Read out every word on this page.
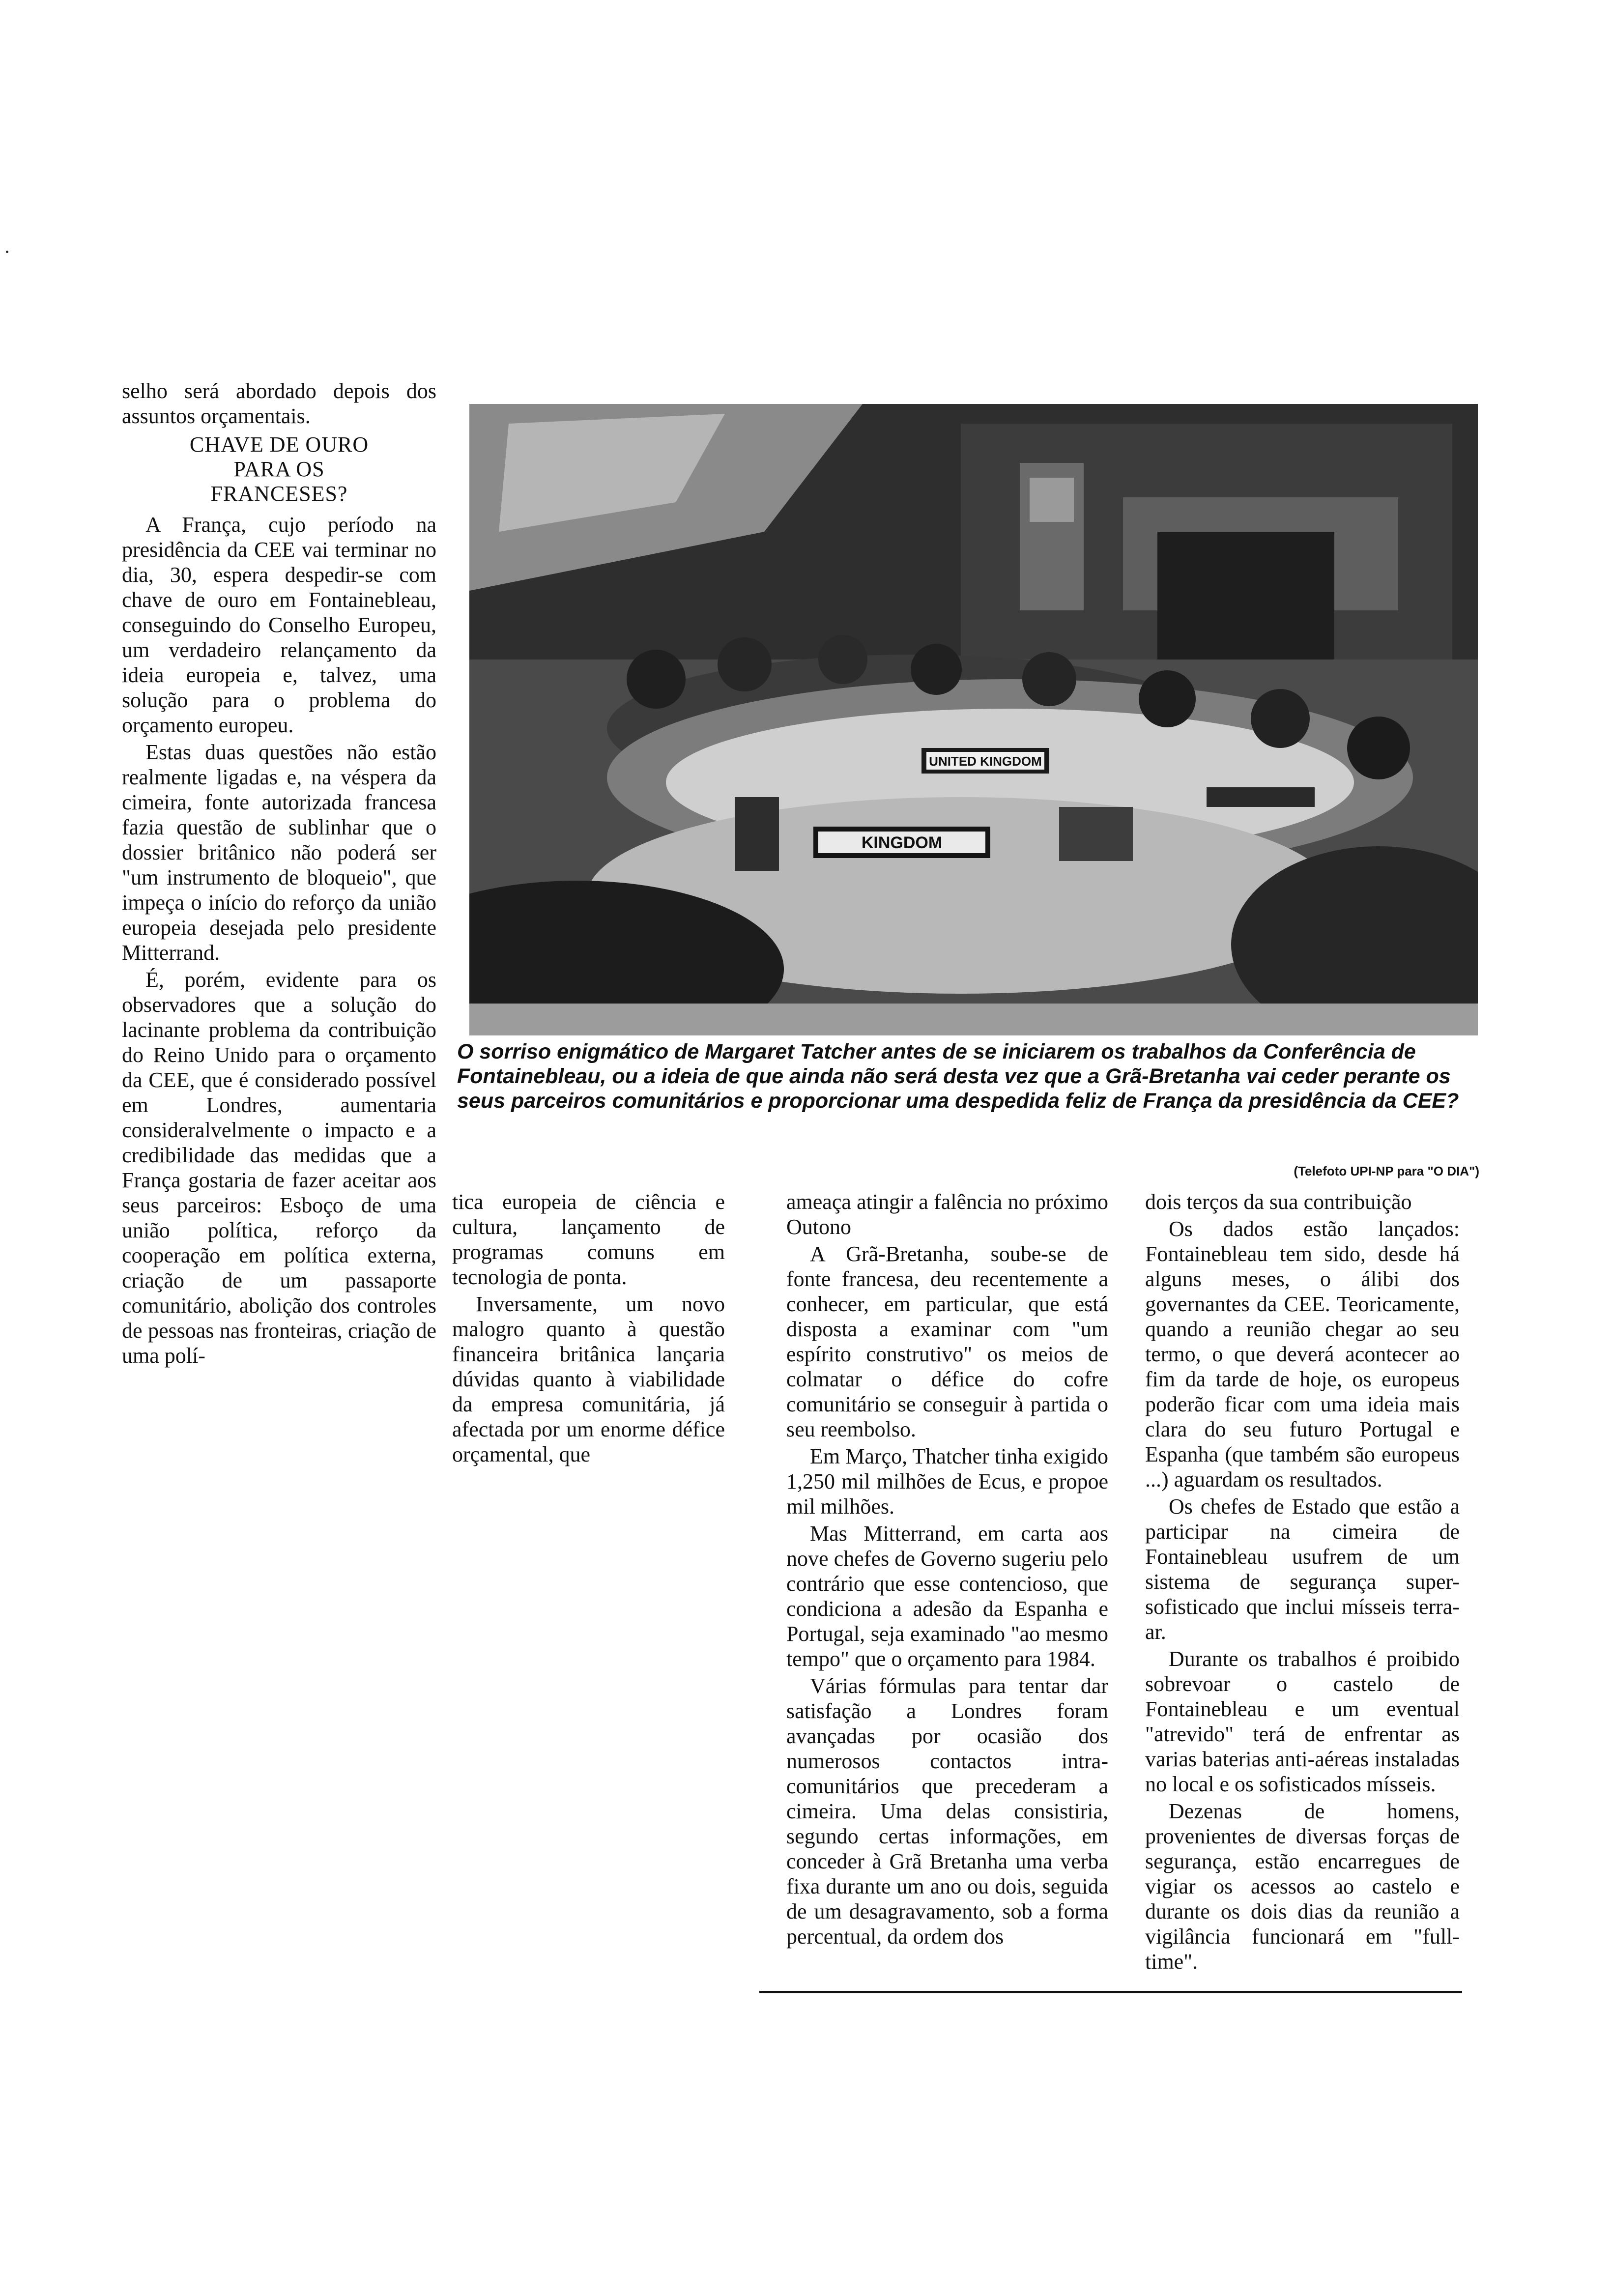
selho será abordado depois dos assuntos orçamentais.

CHAVE DE OURO
PARA OS
FRANCESES?

A França, cujo período na presidência da CEE vai terminar no dia, 30, espera despedir-se com chave de ouro em Fontainebleau, conseguindo do Conselho Europeu, um verdadeiro relançamento da ideia europeia e, talvez, uma solução para o problema do orçamento europeu.

Estas duas questões não estão realmente ligadas e, na véspera da cimeira, fonte autorizada francesa fazia questão de sublinhar que o dossier britânico não poderá ser "um instrumento de bloqueio", que impeça o início do reforço da união europeia desejada pelo presidente Mitterrand.

É, porém, evidente para os observadores que a solução do lacinante problema da contribuição do Reino Unido para o orçamento da CEE, que é considerado possível em Londres, aumentaria consideralvelmente o impacto e a credibilidade das medidas que a França gostaria de fazer aceitar aos seus parceiros: Esboço de uma união política, reforço da cooperação em política externa, criação de um passaporte comunitário, abolição dos controles de pessoas nas fronteiras, criação de uma polí-

UNITED KINGDOM
KINGDOM
O sorriso enigmático de Margaret Tatcher antes de se iniciarem os trabalhos da Conferência de Fontainebleau, ou a ideia de que ainda não será desta vez que a Grã-Bretanha vai ceder perante os seus parceiros comunitários e proporcionar uma despedida feliz de França da presidência da CEE?
(Telefoto UPI-NP para "O DIA")

tica europeia de ciência e cultura, lançamento de programas comuns em tecnologia de ponta.

Inversamente, um novo malogro quanto à questão financeira britânica lançaria dúvidas quanto à viabilidade da empresa comunitária, já afectada por um enorme défice orçamental, que

ameaça atingir a falência no próximo Outono

A Grã-Bretanha, soube-se de fonte francesa, deu recentemente a conhecer, em particular, que está disposta a examinar com "um espírito construtivo" os meios de colmatar o défice do cofre comunitário se conseguir à partida o seu reembolso.

Em Março, Thatcher tinha exigido 1,250 mil milhões de Ecus, e propoe mil milhões.

Mas Mitterrand, em carta aos nove chefes de Governo sugeriu pelo contrário que esse contencioso, que condiciona a adesão da Espanha e Portugal, seja examinado "ao mesmo tempo" que o orçamento para 1984.

Várias fórmulas para tentar dar satisfação a Londres foram avançadas por ocasião dos numerosos contactos intra-comunitários que precederam a cimeira. Uma delas consistiria, segundo certas informações, em conceder à Grã Bretanha uma verba fixa durante um ano ou dois, seguida de um desagravamento, sob a forma percentual, da ordem dos

dois terços da sua contribuição

Os dados estão lançados: Fontainebleau tem sido, desde há alguns meses, o álibi dos governantes da CEE. Teoricamente, quando a reunião chegar ao seu termo, o que deverá acontecer ao fim da tarde de hoje, os europeus poderão ficar com uma ideia mais clara do seu futuro Portugal e Espanha (que também são europeus ...) aguardam os resultados.

Os chefes de Estado que estão a participar na cimeira de Fontainebleau usufrem de um sistema de segurança super-sofisticado que inclui mísseis terra-ar.

Durante os trabalhos é proibido sobrevoar o castelo de Fontainebleau e um eventual "atrevido" terá de enfrentar as varias baterias anti-aéreas instaladas no local e os sofisticados mísseis.

Dezenas de homens, provenientes de diversas forças de segurança, estão encarregues de vigiar os acessos ao castelo e durante os dois dias da reunião a vigilância funcionará em "full-time".
